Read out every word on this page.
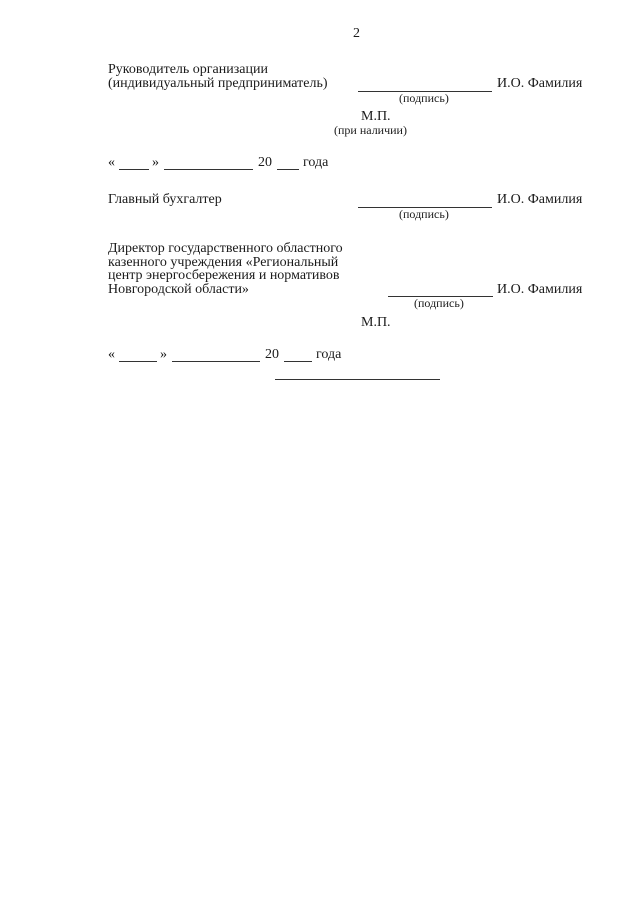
2
Руководитель организации
(индивидуальный предприниматель)	И.О. Фамилия
(подпись)
М.П.
(при наличии)
«	»	20 года
Главный бухгалтер	И.О. Фамилия
(подпись)
Директор государственного областного
казенного учреждения «Региональный
центр энергосбережения и нормативов
Новгородской области»	И.О. Фамилия
(подпись)
М.П.
«	»	20	года
